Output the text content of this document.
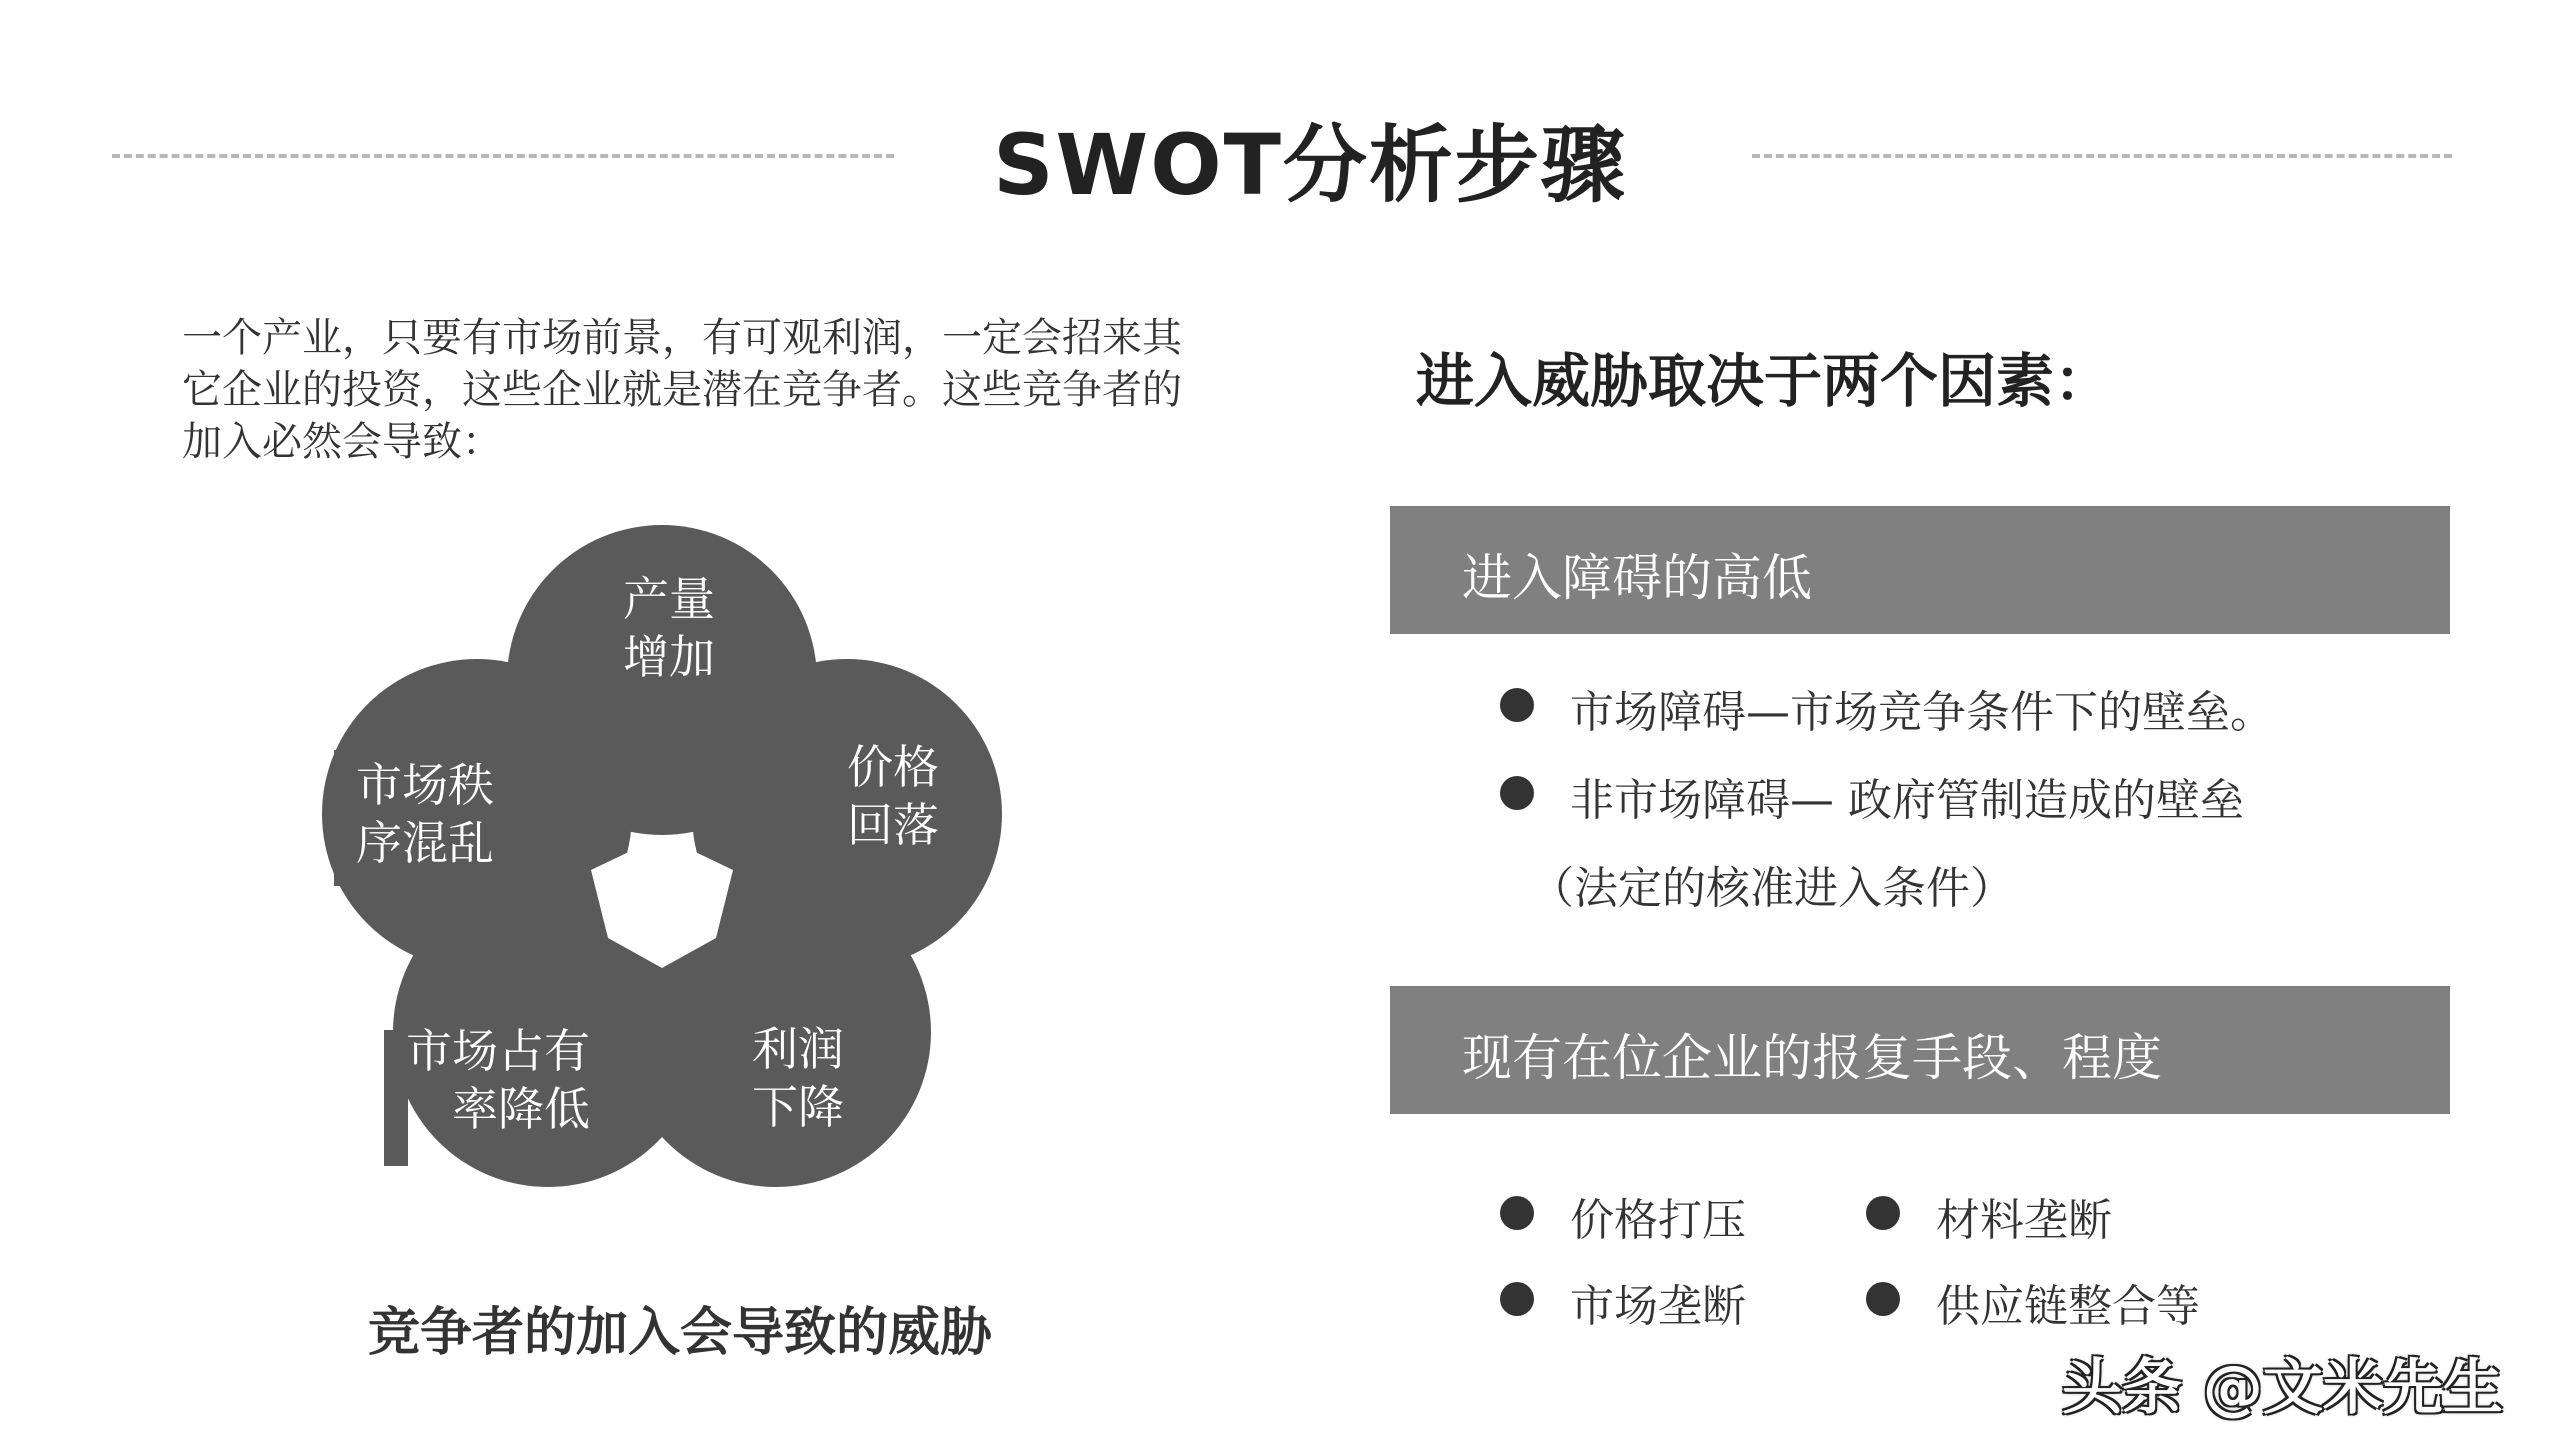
SWOT分析步骤
一个产业，只要有市场前景，有可观利润，一定会招来其
它企业的投资，这些企业就是潜在竞争者。这些竞争者的
加入必然会导致：
产量
增加
价格
回落
利润
下降
市场占有
率降低
市场秩
序混乱
竞争者的加入会导致的威胁
进入威胁取决于两个因素：
进入障碍的高低
市场障碍—市场竞争条件下的壁垒。
非市场障碍— 政府管制造成的壁垒
（法定的核准进入条件）
现有在位企业的报复手段、程度
价格打压	材料垄断
市场垄断	供应链整合等
头条 @文米先生
